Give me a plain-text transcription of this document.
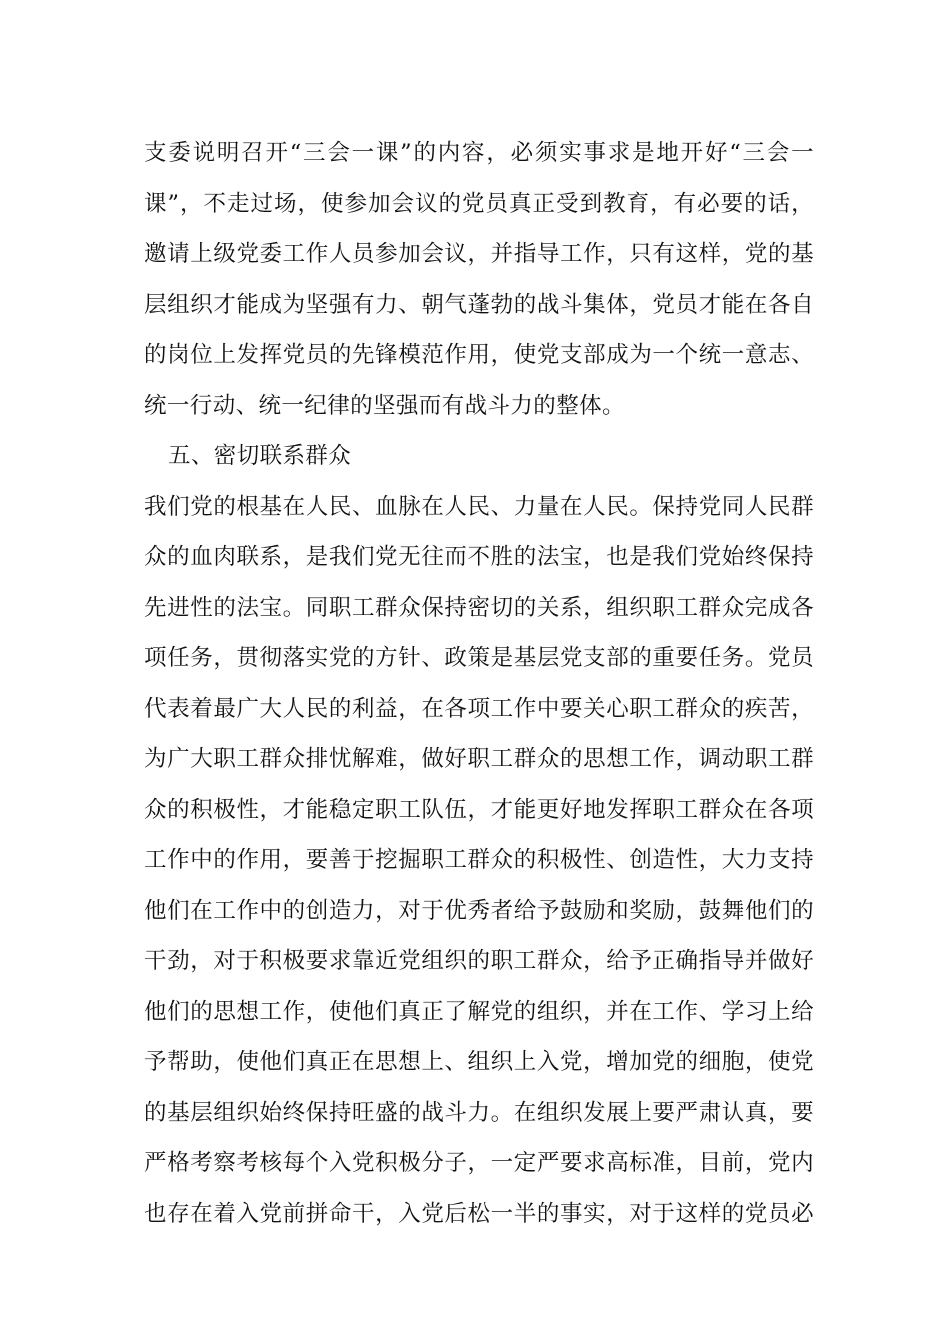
支委说明召开“三会一课”的内容，必须实事求是地开好“三会一
课”，不走过场，使参加会议的党员真正受到教育，有必要的话，
邀请上级党委工作人员参加会议，并指导工作，只有这样，党的基
层组织才能成为坚强有力、朝气蓬勃的战斗集体，党员才能在各自
的岗位上发挥党员的先锋模范作用，使党支部成为一个统一意志、
统一行动、统一纪律的坚强而有战斗力的整体。
五、密切联系群众
我们党的根基在人民、血脉在人民、力量在人民。保持党同人民群
众的血肉联系，是我们党无往而不胜的法宝，也是我们党始终保持
先进性的法宝。同职工群众保持密切的关系，组织职工群众完成各
项任务，贯彻落实党的方针、政策是基层党支部的重要任务。党员
代表着最广大人民的利益，在各项工作中要关心职工群众的疾苦，
为广大职工群众排忧解难，做好职工群众的思想工作，调动职工群
众的积极性，才能稳定职工队伍，才能更好地发挥职工群众在各项
工作中的作用，要善于挖掘职工群众的积极性、创造性，大力支持
他们在工作中的创造力，对于优秀者给予鼓励和奖励，鼓舞他们的
干劲，对于积极要求靠近党组织的职工群众，给予正确指导并做好
他们的思想工作，使他们真正了解党的组织，并在工作、学习上给
予帮助，使他们真正在思想上、组织上入党，增加党的细胞，使党
的基层组织始终保持旺盛的战斗力。在组织发展上要严肃认真，要
严格考察考核每个入党积极分子，一定严要求高标准，目前，党内
也存在着入党前拼命干，入党后松一半的事实，对于这样的党员必
